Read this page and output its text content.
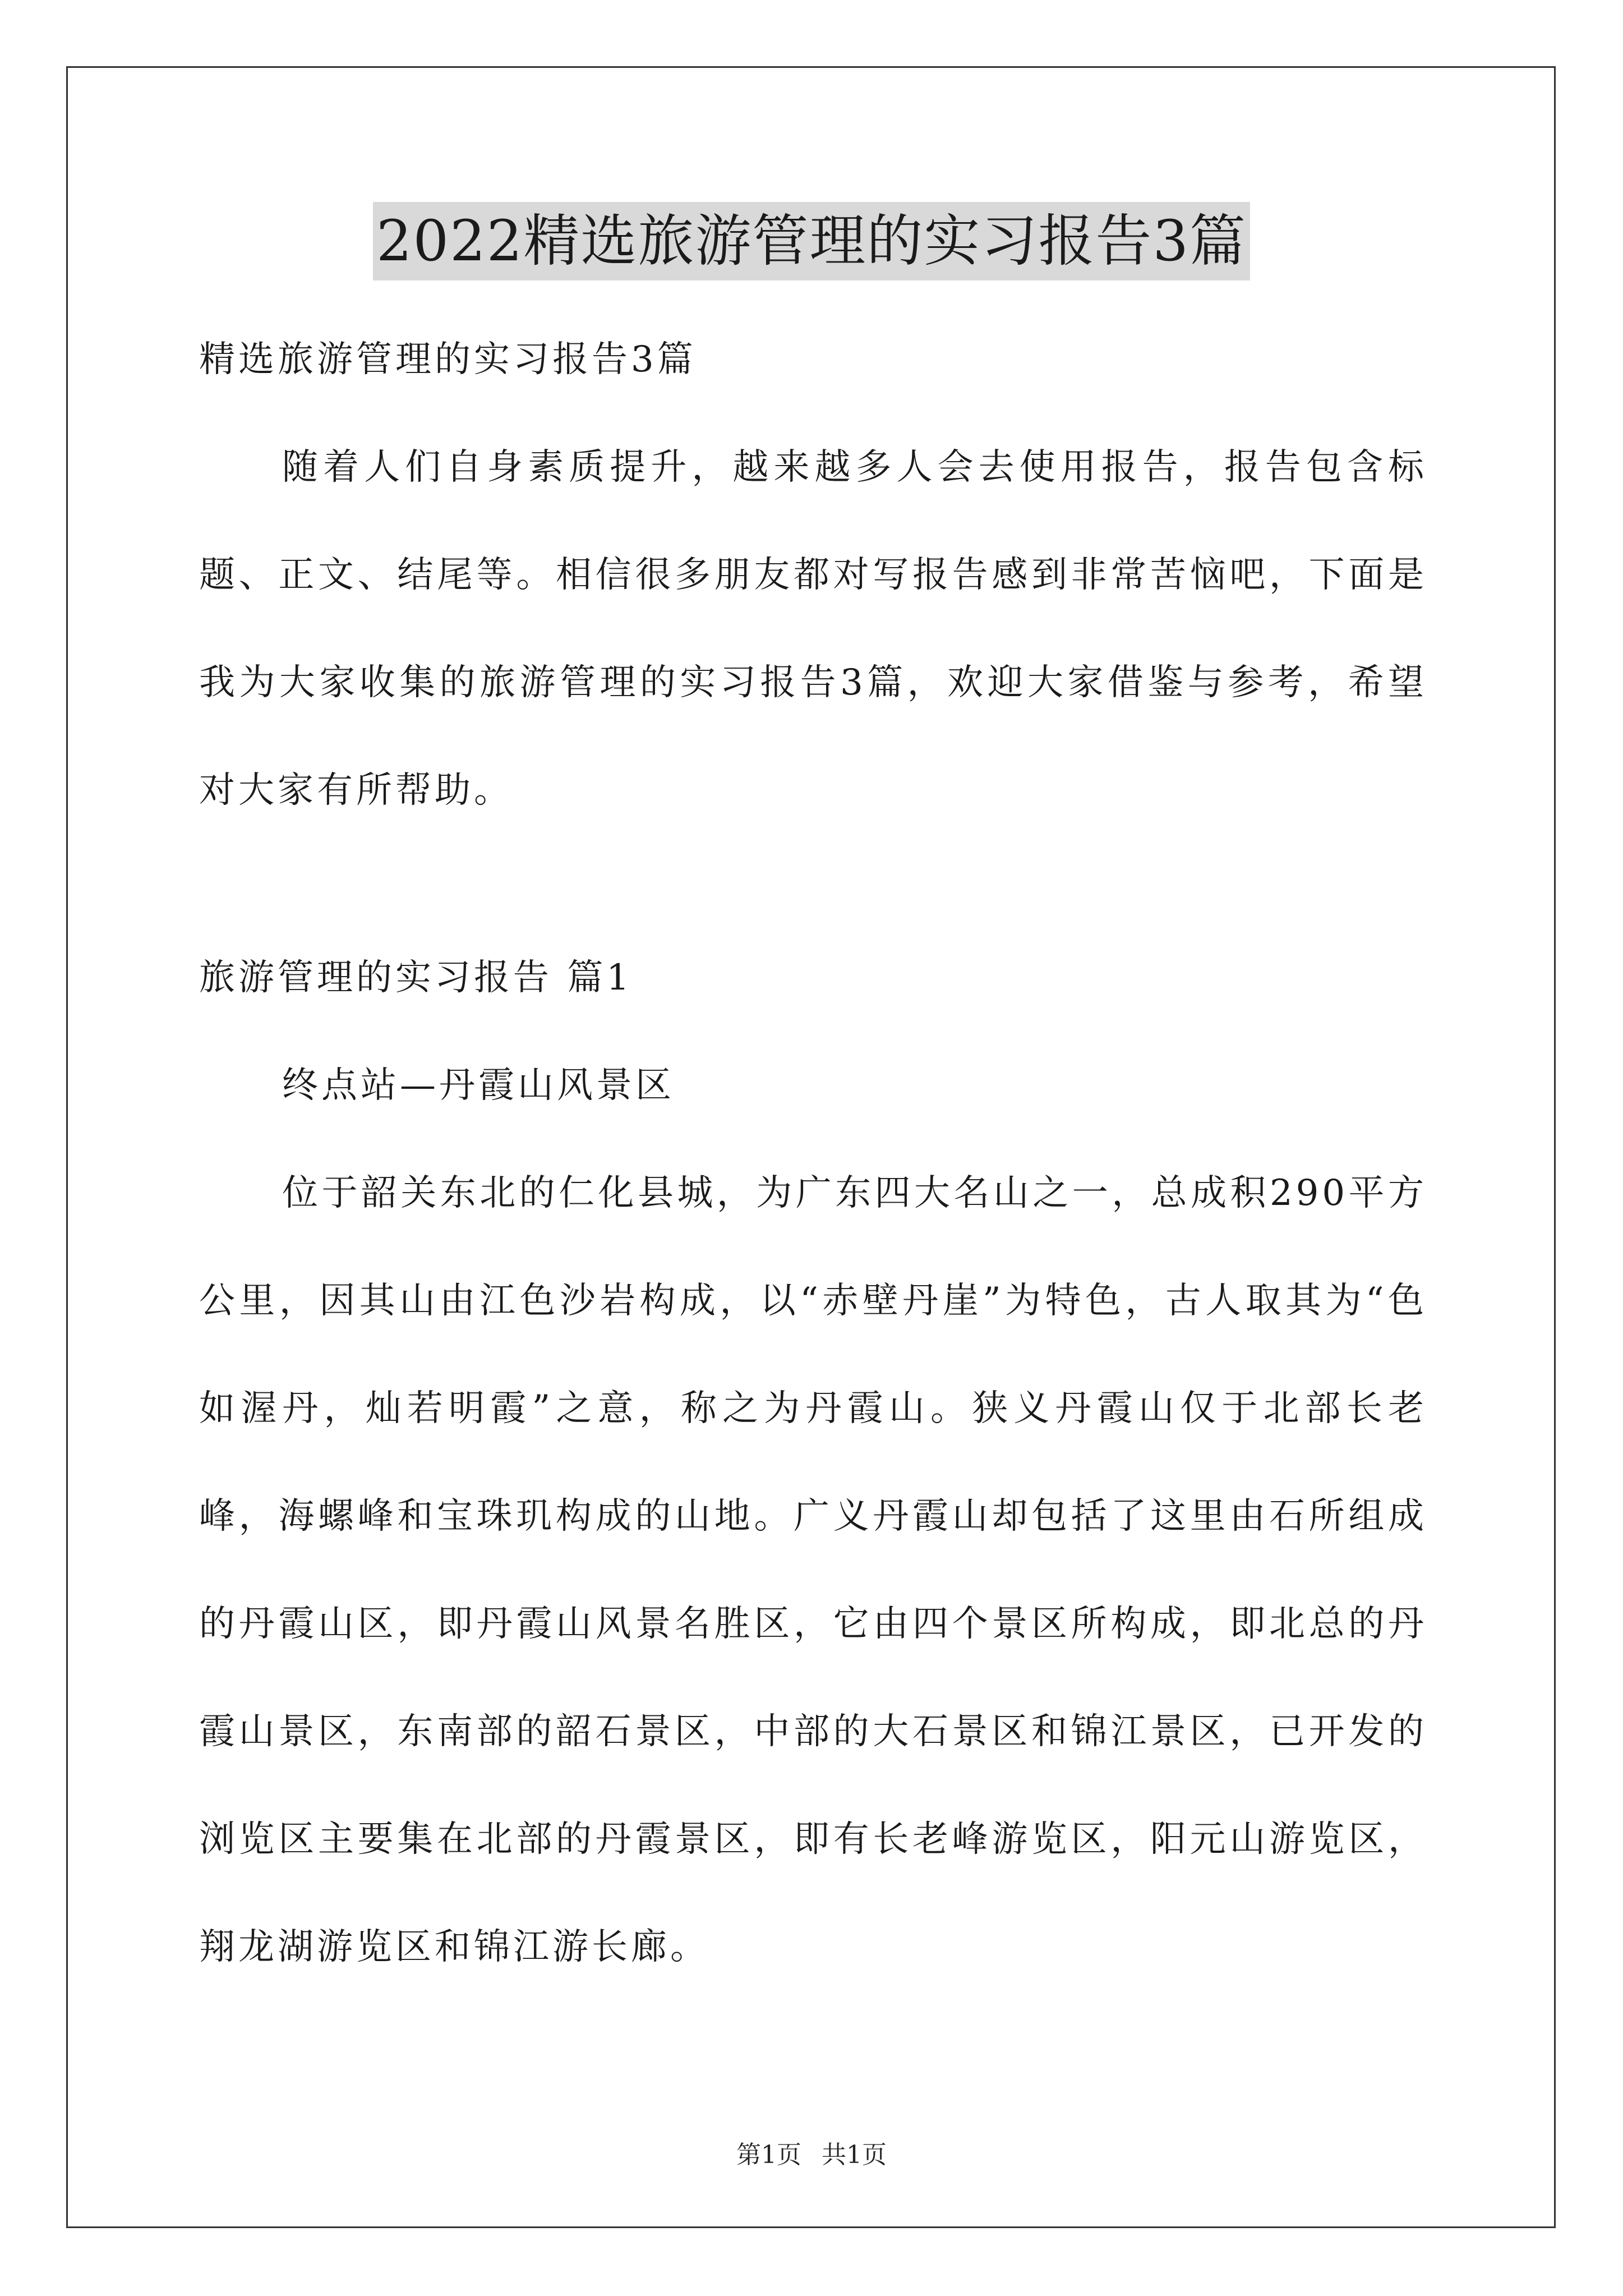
2022精选旅游管理的实习报告3篇
精选旅游管理的实习报告3篇
随着人们自身素质提升，越来越多人会去使用报告，报告包含标题、正文、结尾等。相信很多朋友都对写报告感到非常苦恼吧，下面是我为大家收集的旅游管理的实习报告3篇，欢迎大家借鉴与参考，希望对大家有所帮助。
旅游管理的实习报告 篇1
终点站—丹霞山风景区
位于韶关东北的仁化县城，为广东四大名山之一，总成积290平方公里，因其山由江色沙岩构成，以“赤壁丹崖”为特色，古人取其为“色如渥丹，灿若明霞”之意，称之为丹霞山。狭义丹霞山仅于北部长老峰，海螺峰和宝珠玑构成的山地。广义丹霞山却包括了这里由石所组成的丹霞山区，即丹霞山风景名胜区，它由四个景区所构成，即北总的丹霞山景区，东南部的韶石景区，中部的大石景区和锦江景区，已开发的浏览区主要集在北部的丹霞景区，即有长老峰游览区，阳元山游览区，翔龙湖游览区和锦江游长廊。
第1页 共1页
